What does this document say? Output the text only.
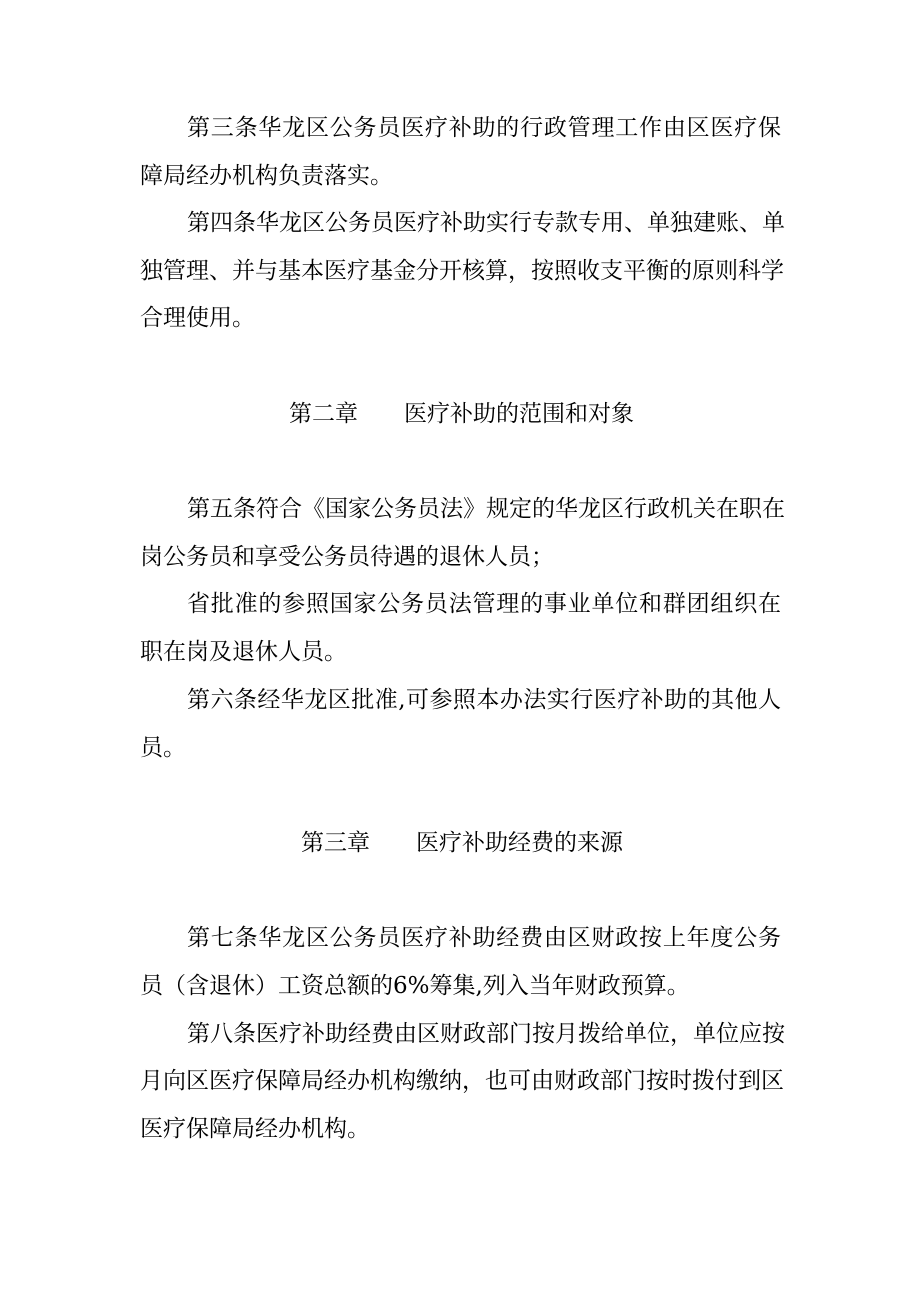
第三条华龙区公务员医疗补助的行政管理工作由区医疗保

障局经办机构负责落实。

第四条华龙区公务员医疗补助实行专款专用、单独建账、单

独管理、并与基本医疗基金分开核算，按照收支平衡的原则科学

合理使用。

第二章 医疗补助的范围和对象

第五条符合《国家公务员法》规定的华龙区行政机关在职在

岗公务员和享受公务员待遇的退休人员；

省批准的参照国家公务员法管理的事业单位和群团组织在

职在岗及退休人员。

第六条经华龙区批准,可参照本办法实行医疗补助的其他人

员。

第三章 医疗补助经费的来源

第七条华龙区公务员医疗补助经费由区财政按上年度公务

员（含退休）工资总额的6%筹集,列入当年财政预算。

第八条医疗补助经费由区财政部门按月拨给单位，单位应按

月向区医疗保障局经办机构缴纳，也可由财政部门按时拨付到区

医疗保障局经办机构。
